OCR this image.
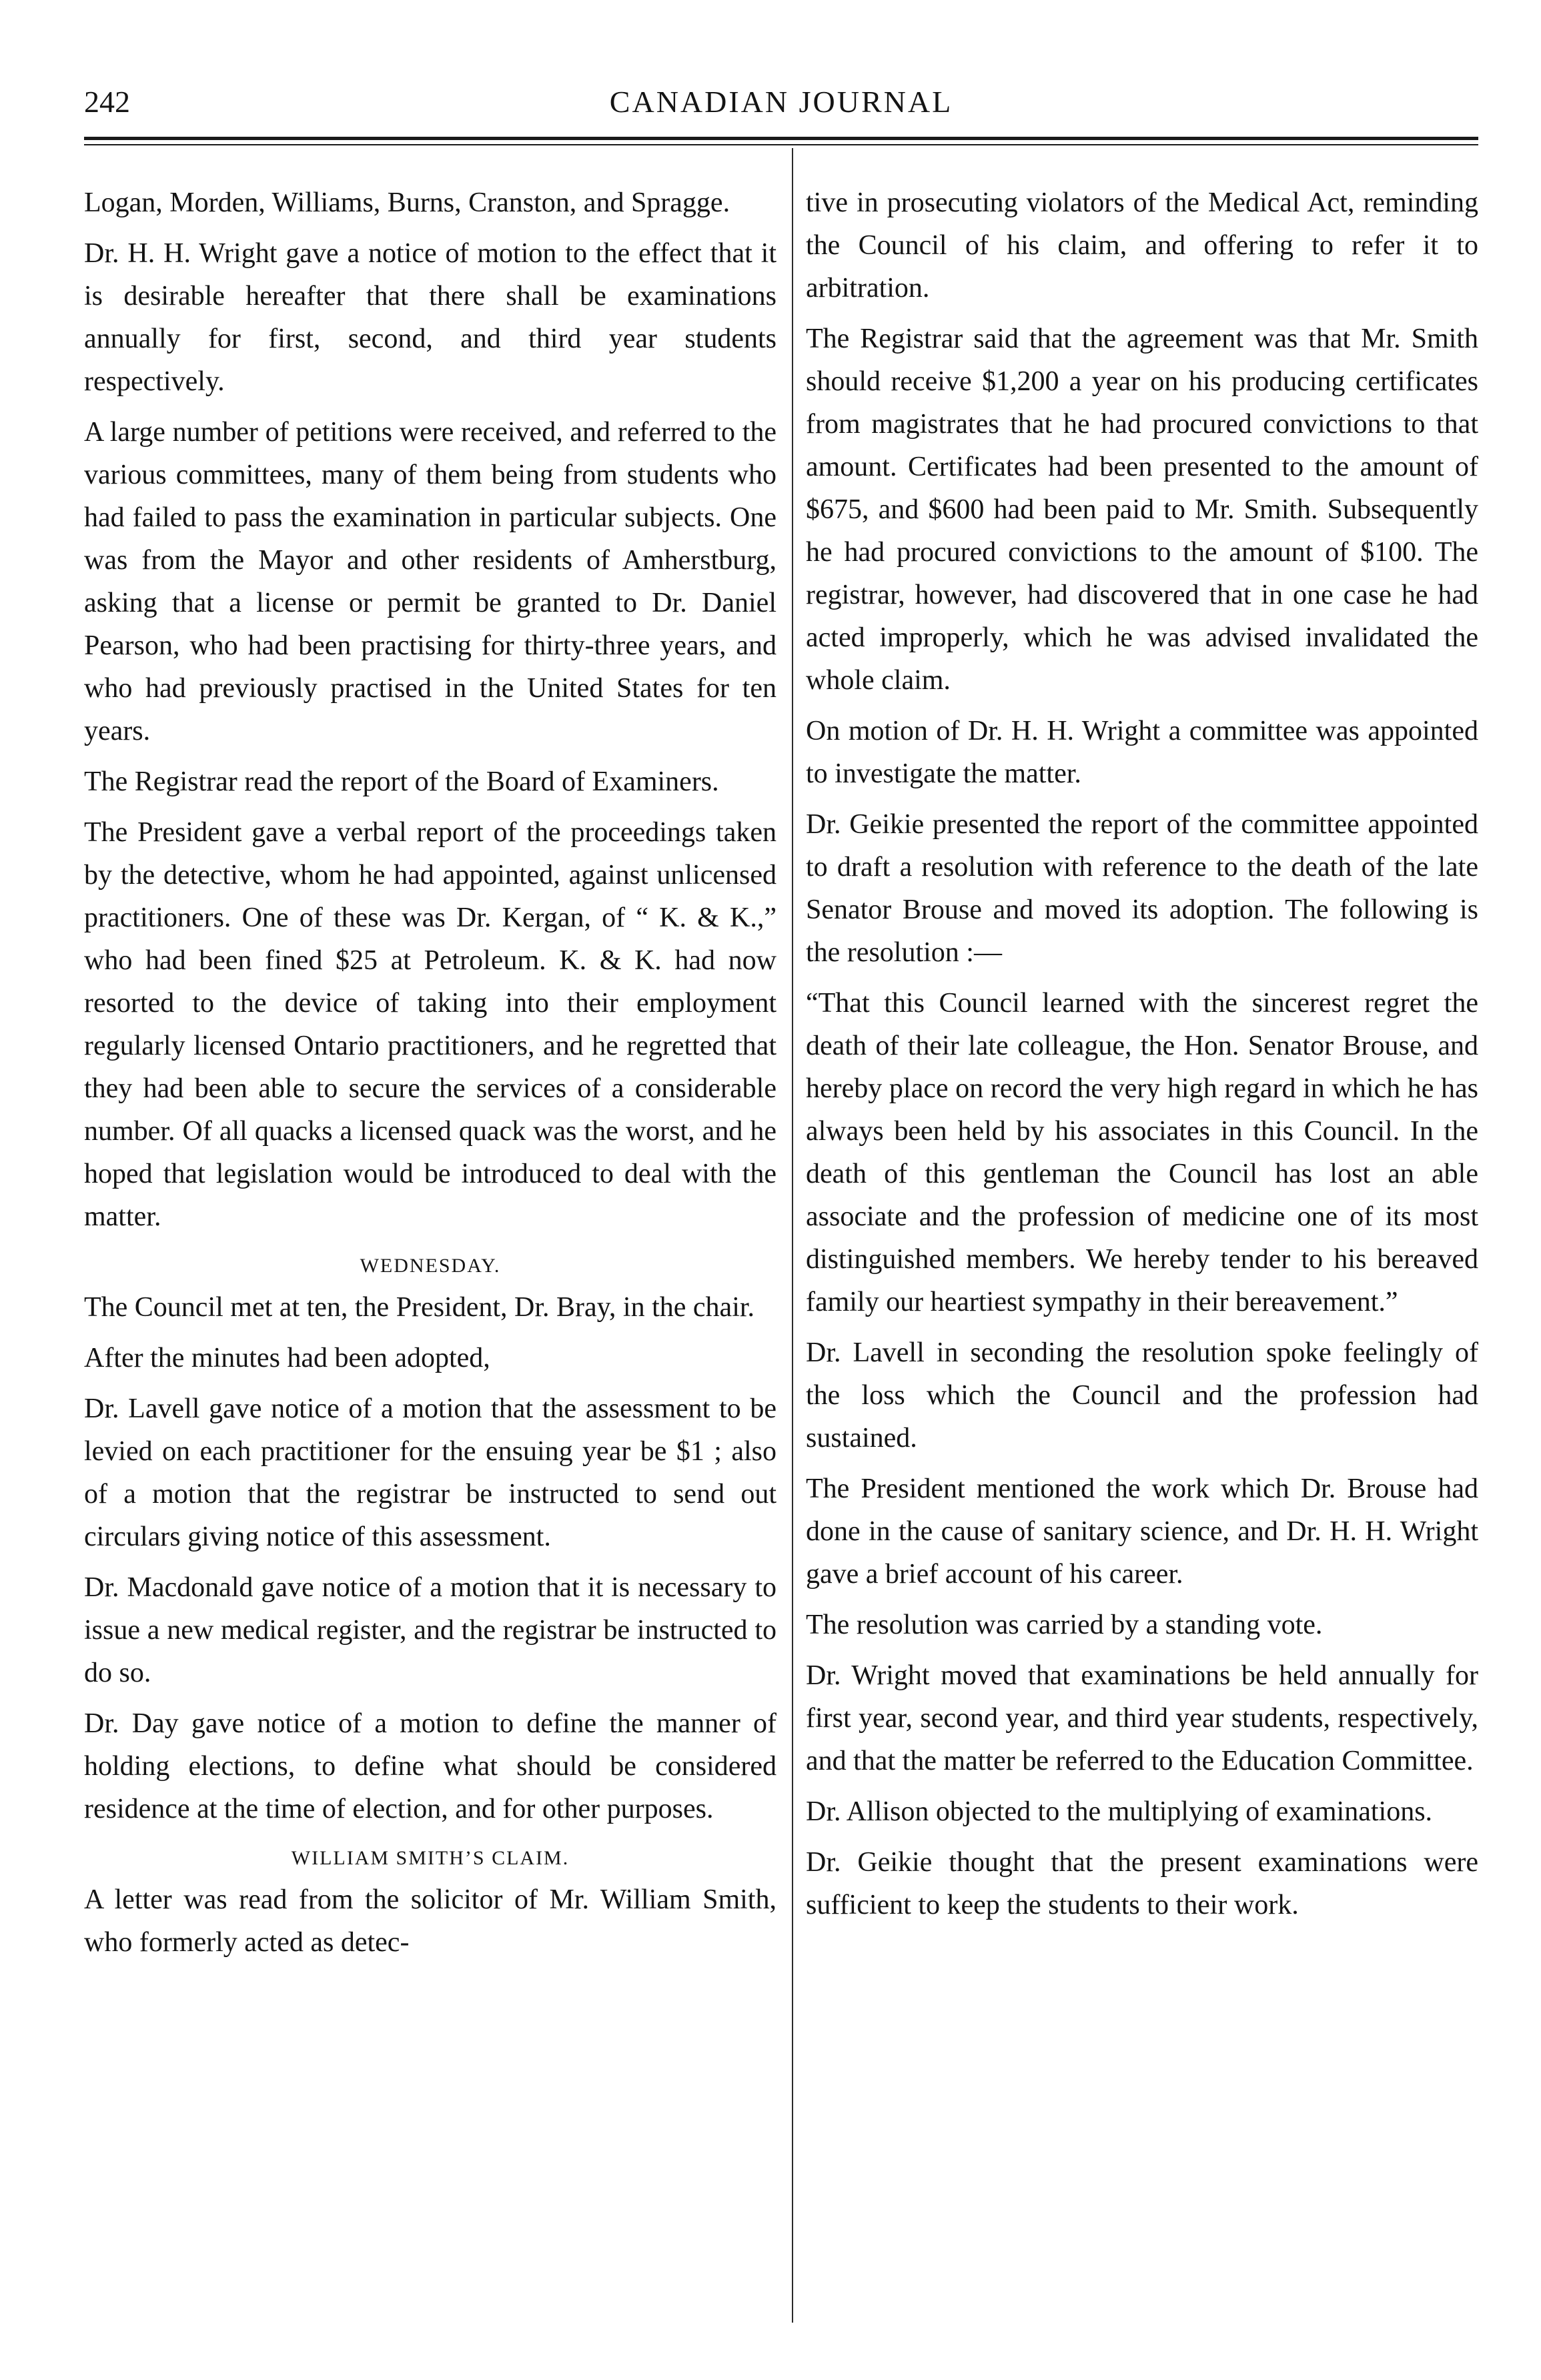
242	CANADIAN JOURNAL

Logan, Morden, Williams, Burns, Cranston, and Spragge.

Dr. H. H. Wright gave a notice of motion to the effect that it is desirable hereafter that there shall be examinations annually for first, second, and third year students respectively.

A large number of petitions were received, and referred to the various committees, many of them being from students who had failed to pass the examination in particular subjects. One was from the Mayor and other residents of Amherstburg, asking that a license or permit be granted to Dr. Daniel Pearson, who had been practising for thirty-three years, and who had previously practised in the United States for ten years.

The Registrar read the report of the Board of Examiners.

The President gave a verbal report of the proceedings taken by the detective, whom he had appointed, against unlicensed practitioners. One of these was Dr. Kergan, of “ K. & K.,” who had been fined $25 at Petroleum. K. & K. had now resorted to the device of taking into their employment regularly licensed Ontario practitioners, and he regretted that they had been able to secure the services of a considerable number. Of all quacks a licensed quack was the worst, and he hoped that legislation would be introduced to deal with the matter.

WEDNESDAY.

The Council met at ten, the President, Dr. Bray, in the chair.

After the minutes had been adopted,

Dr. Lavell gave notice of a motion that the assessment to be levied on each practitioner for the ensuing year be $1 ; also of a motion that the registrar be instructed to send out circulars giving notice of this assessment.

Dr. Macdonald gave notice of a motion that it is necessary to issue a new medical register, and the registrar be instructed to do so.

Dr. Day gave notice of a motion to define the manner of holding elections, to define what should be considered residence at the time of election, and for other purposes.

WILLIAM SMITH’S CLAIM.

A letter was read from the solicitor of Mr. William Smith, who formerly acted as detec-

tive in prosecuting violators of the Medical Act, reminding the Council of his claim, and offering to refer it to arbitration.

The Registrar said that the agreement was that Mr. Smith should receive $1,200 a year on his producing certificates from magistrates that he had procured convictions to that amount. Certificates had been presented to the amount of $675, and $600 had been paid to Mr. Smith. Subsequently he had procured convictions to the amount of $100. The registrar, however, had discovered that in one case he had acted improperly, which he was advised invalidated the whole claim.

On motion of Dr. H. H. Wright a committee was appointed to investigate the matter.

Dr. Geikie presented the report of the committee appointed to draft a resolution with reference to the death of the late Senator Brouse and moved its adoption. The following is the resolution :—

“That this Council learned with the sincerest regret the death of their late colleague, the Hon. Senator Brouse, and hereby place on record the very high regard in which he has always been held by his associates in this Council. In the death of this gentleman the Council has lost an able associate and the profession of medicine one of its most distinguished members. We hereby tender to his bereaved family our heartiest sympathy in their bereavement.”

Dr. Lavell in seconding the resolution spoke feelingly of the loss which the Council and the profession had sustained.

The President mentioned the work which Dr. Brouse had done in the cause of sanitary science, and Dr. H. H. Wright gave a brief account of his career.

The resolution was carried by a standing vote.

Dr. Wright moved that examinations be held annually for first year, second year, and third year students, respectively, and that the matter be referred to the Education Committee.

Dr. Allison objected to the multiplying of examinations.

Dr. Geikie thought that the present examinations were sufficient to keep the students to their work.
